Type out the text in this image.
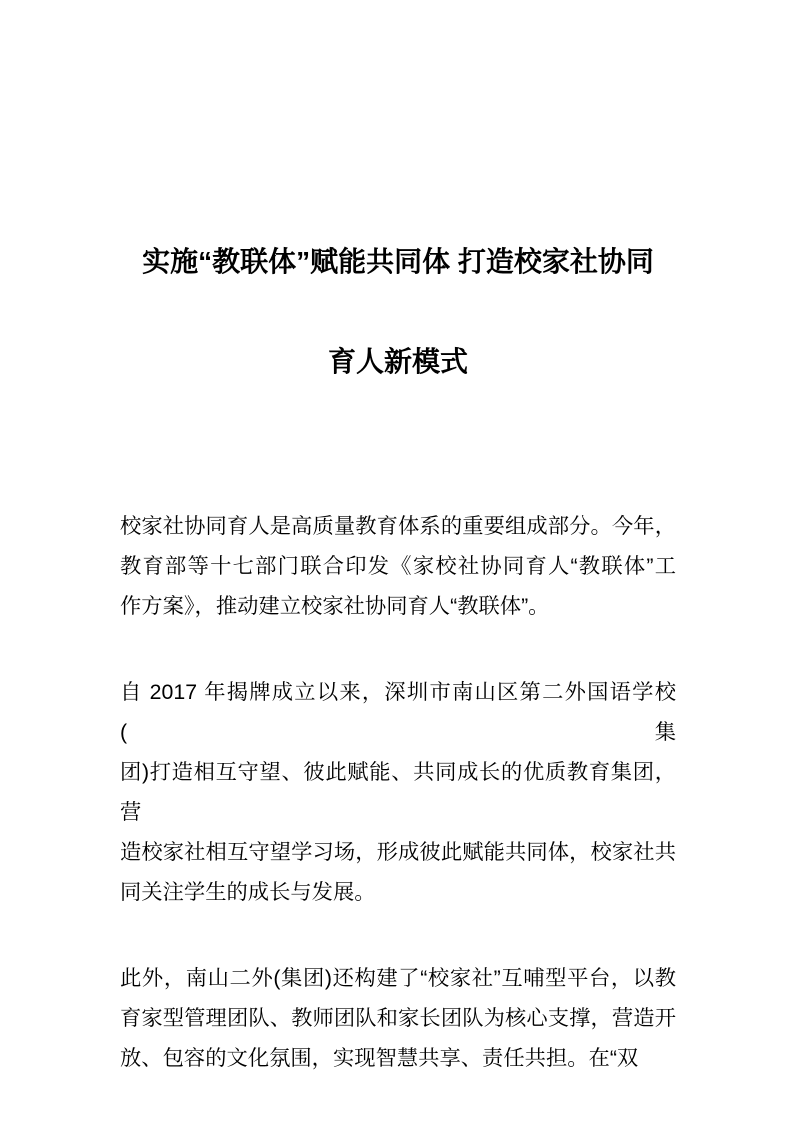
实施“教联体”赋能共同体 打造校家社协同
育人新模式
校家社协同育人是高质量教育体系的重要组成部分。今年，
教育部等十七部门联合印发《家校社协同育人“教联体”工
作方案》，推动建立校家社协同育人“教联体”。
自 2017 年揭牌成立以来，深圳市南山区第二外国语学校(集
团)打造相互守望、彼此赋能、共同成长的优质教育集团，营
造校家社相互守望学习场，形成彼此赋能共同体，校家社共
同关注学生的成长与发展。
此外，南山二外(集团)还构建了“校家社”互哺型平台，以教
育家型管理团队、教师团队和家长团队为核心支撑，营造开
放、包容的文化氛围，实现智慧共享、责任共担。在“双
